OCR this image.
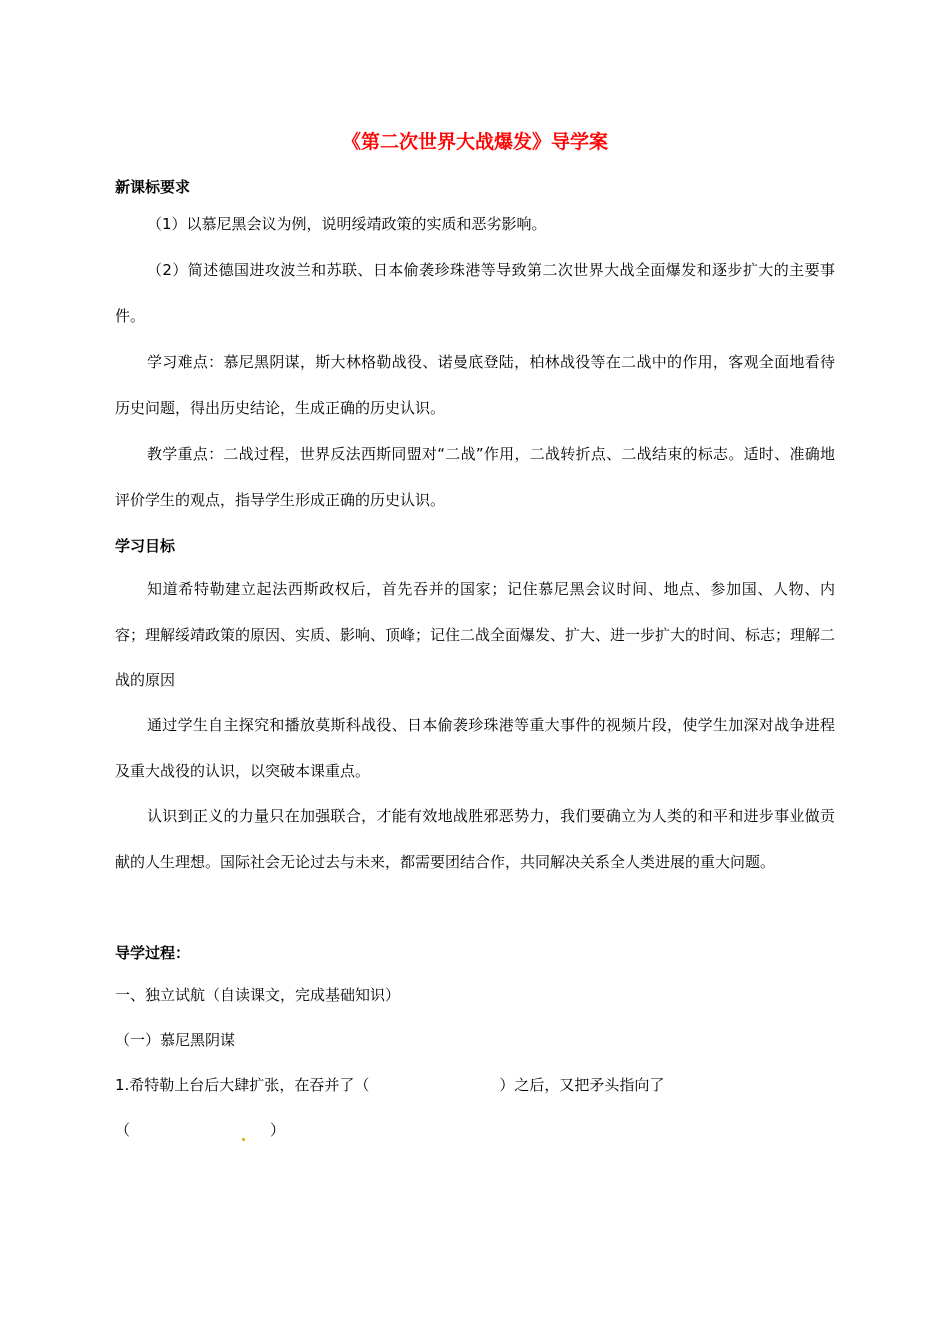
《第二次世界大战爆发》导学案
新课标要求
（1）以慕尼黑会议为例，说明绥靖政策的实质和恶劣影响。
（2）简述德国进攻波兰和苏联、日本偷袭珍珠港等导致第二次世界大战全面爆发和逐步扩大的主要事件。
学习难点：慕尼黑阴谋，斯大林格勒战役、诺曼底登陆，柏林战役等在二战中的作用，客观全面地看待历史问题，得出历史结论，生成正确的历史认识。
教学重点：二战过程，世界反法西斯同盟对“二战”作用，二战转折点、二战结束的标志。适时、准确地评价学生的观点，指导学生形成正确的历史认识。
学习目标
知道希特勒建立起法西斯政权后，首先吞并的国家；记住慕尼黑会议时间、地点、参加国、人物、内容；理解绥靖政策的原因、实质、影响、顶峰；记住二战全面爆发、扩大、进一步扩大的时间、标志；理解二战的原因
通过学生自主探究和播放莫斯科战役、日本偷袭珍珠港等重大事件的视频片段，使学生加深对战争进程及重大战役的认识，以突破本课重点。
认识到正义的力量只在加强联合，才能有效地战胜邪恶势力，我们要确立为人类的和平和进步事业做贡献的人生理想。国际社会无论过去与未来，都需要团结合作，共同解决关系全人类进展的重大问题。
导学过程：
一、独立试航（自读课文，完成基础知识）
（一）慕尼黑阴谋
1.希特勒上台后大肆扩张，在吞并了（	）之后，又把矛头指向了
（	）
